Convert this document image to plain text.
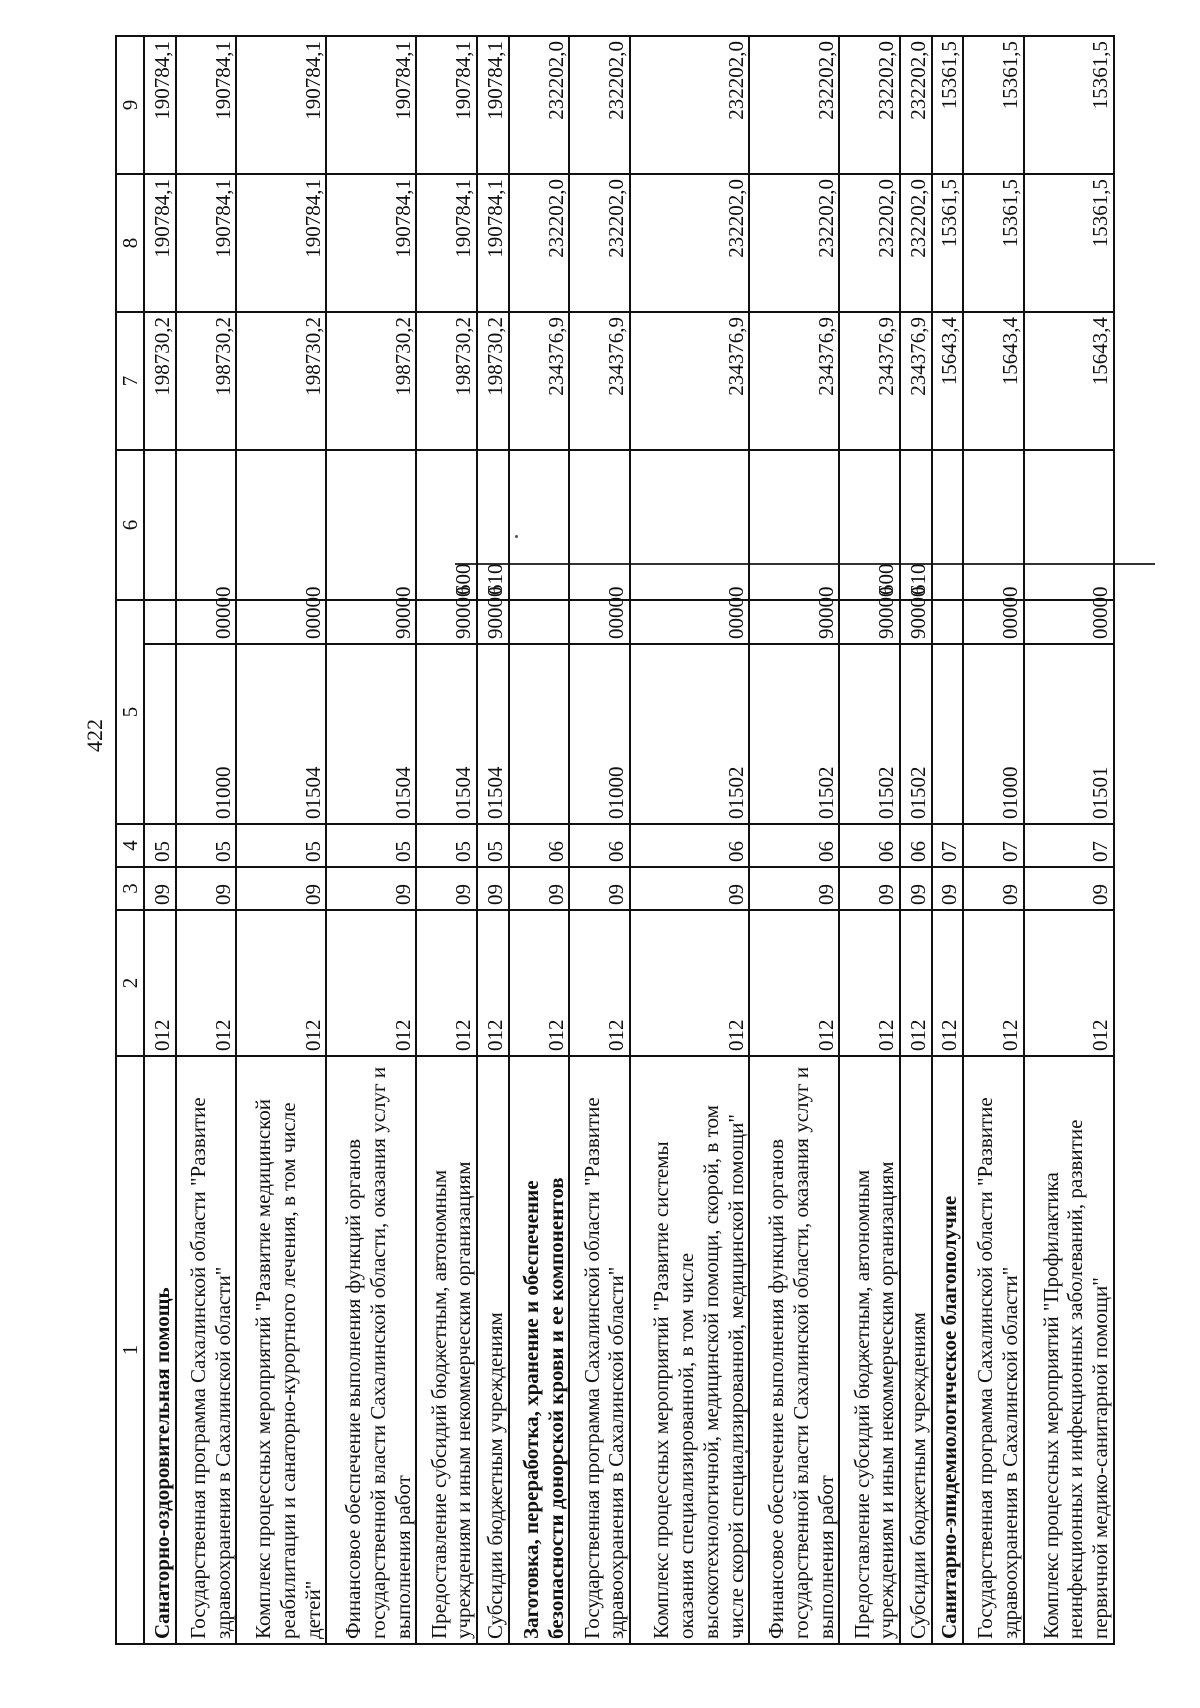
422
1	2	3	4	5		6	7	8	9
Санаторно-оздоровительная помощь	012	09	05				198730,2	190784,1	190784,1
Государственная программа Сахалинской области "Развитие здравоохранения в Сахалинской области"	012	09	05	01000	00000		198730,2	190784,1	190784,1
Комплекс процессных мероприятий "Развитие медицинской реабилитации и санаторно-курортного лечения, в том числе детей"	012	09	05	01504	00000		198730,2	190784,1	190784,1
Финансовое обеспечение выполнения функций органов государственной власти Сахалинской области, оказания услуг и выполнения работ	012	09	05	01504	90000		198730,2	190784,1	190784,1
Предоставление субсидий бюджетным, автономным учреждениям и иным некоммерческим организациям	012	09	05	01504	90000	600	198730,2	190784,1	190784,1
Субсидии бюджетным учреждениям	012	09	05	01504	90000	610	198730,2	190784,1	190784,1
Заготовка, переработка, хранение и обеспечение безопасности донорской крови и ее компонентов	012	09	06				234376,9	232202,0	232202,0
Государственная программа Сахалинской области "Развитие здравоохранения в Сахалинской области"	012	09	06	01000	00000		234376,9	232202,0	232202,0
Комплекс процессных мероприятий "Развитие системы оказания специализированной, в том числе высокотехнологичной, медицинской помощи, скорой, в том числе скорой специализированной, медицинской помощи"	012	09	06	01502	00000		234376,9	232202,0	232202,0
Финансовое обеспечение выполнения функций органов государственной власти Сахалинской области, оказания услуг и выполнения работ	012	09	06	01502	90000		234376,9	232202,0	232202,0
Предоставление субсидий бюджетным, автономным учреждениям и иным некоммерческим организациям	012	09	06	01502	90000	600	234376,9	232202,0	232202,0
Субсидии бюджетным учреждениям	012	09	06	01502	90000	610	234376,9	232202,0	232202,0
Санитарно-эпидемиологическое благополучие	012	09	07				15643,4	15361,5	15361,5
Государственная программа Сахалинской области "Развитие здравоохранения в Сахалинской области"	012	09	07	01000	00000		15643,4	15361,5	15361,5
Комплекс процессных мероприятий "Профилактика неинфекционных и инфекционных заболеваний, развитие первичной медико-санитарной помощи"	012	09	07	01501	00000		15643,4	15361,5	15361,5
